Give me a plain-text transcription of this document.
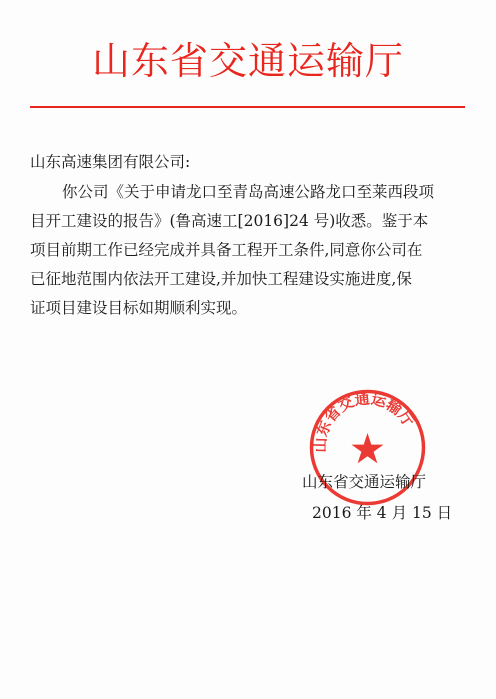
山东省交通运输厅
山东高速集团有限公司:
你公司《关于申请龙口至青岛高速公路龙口至莱西段项
目开工建设的报告》(鲁高速工[2016]24 号)收悉。鉴于本
项目前期工作已经完成并具备工程开工条件,同意你公司在
已征地范围内依法开工建设,并加快工程建设实施进度,保
证项目建设目标如期顺利实现。
山东省交通运输厅
山东省交通运输厅
2016 年 4 月 15 日
